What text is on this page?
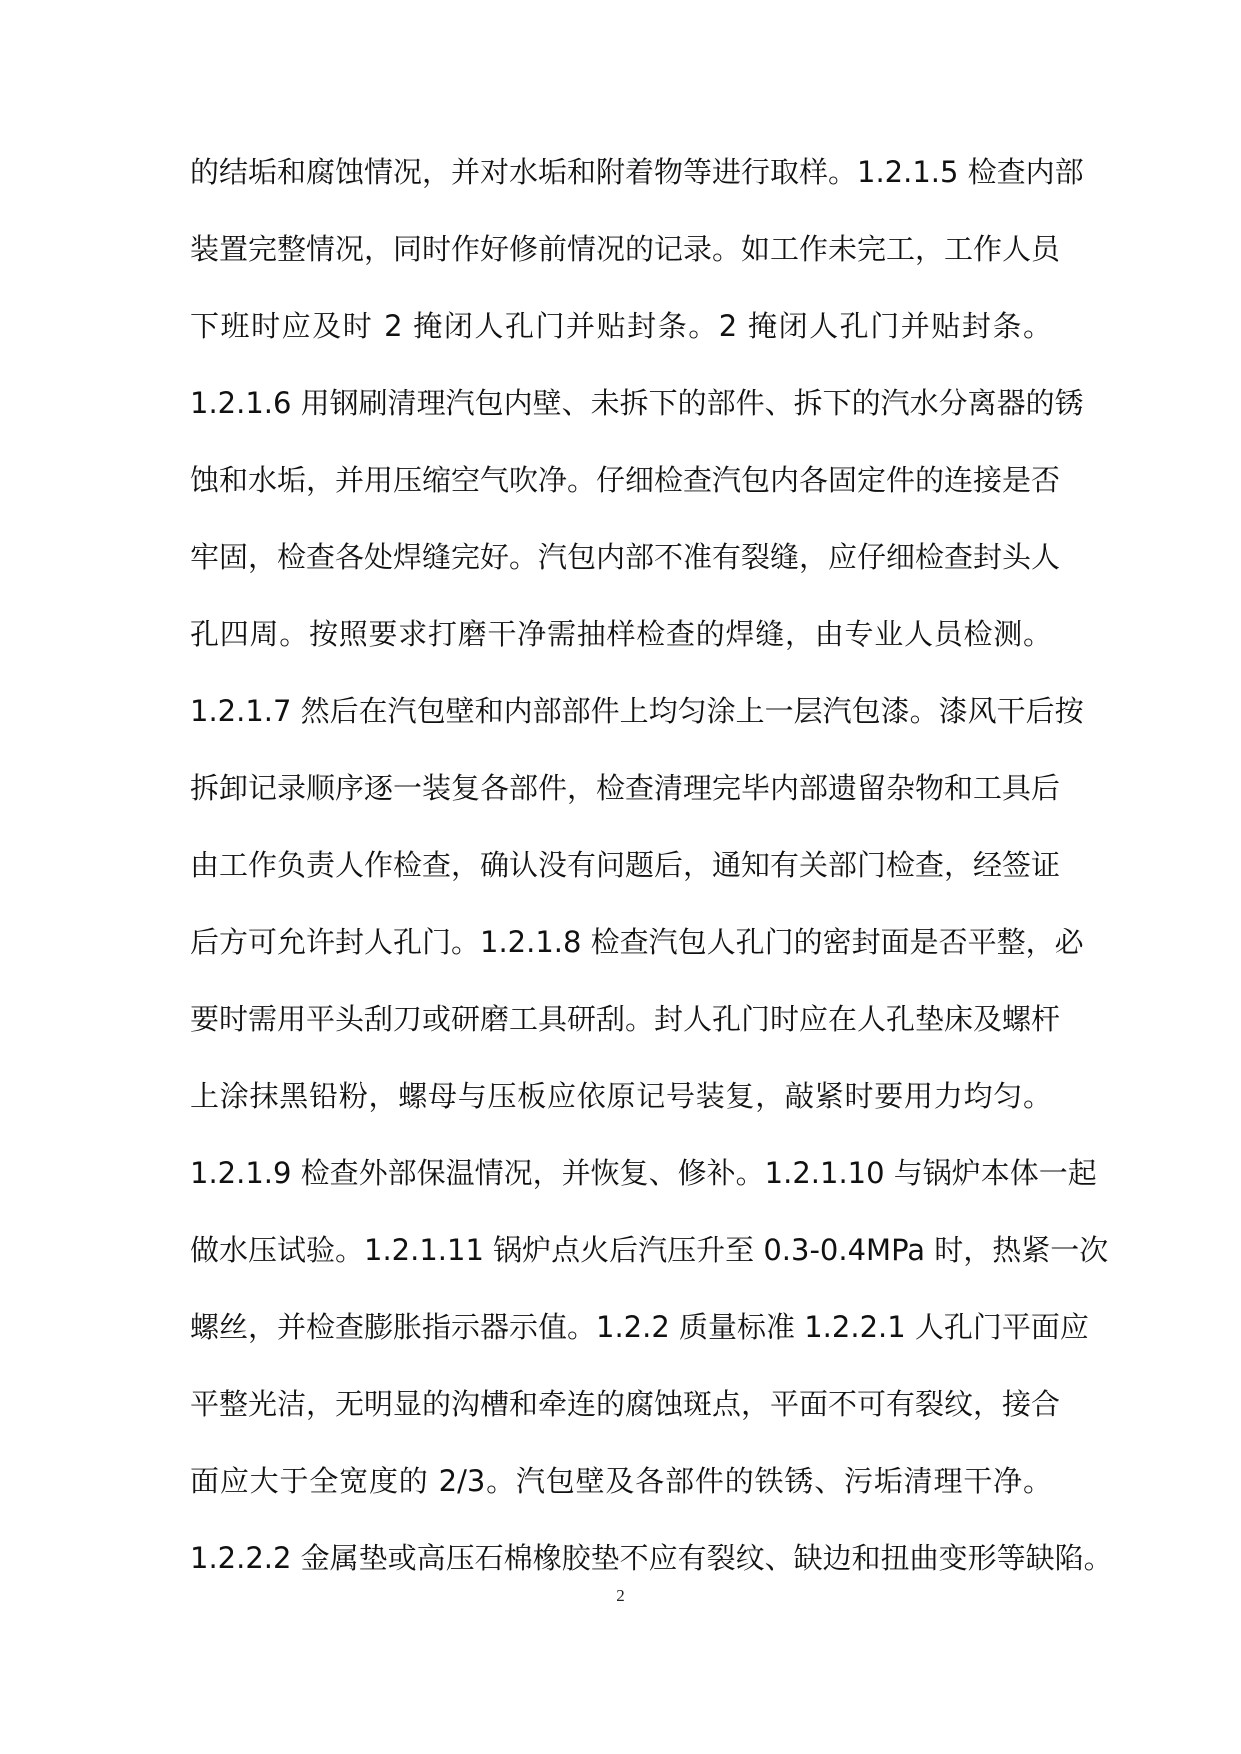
的结垢和腐蚀情况，并对水垢和附着物等进行取样。1.2.1.5 检查内部
装置完整情况，同时作好修前情况的记录。如工作未完工，工作人员
下班时应及时 2 掩闭人孔门并贴封条。2 掩闭人孔门并贴封条。
1.2.1.6 用钢刷清理汽包内壁、未拆下的部件、拆下的汽水分离器的锈
蚀和水垢，并用压缩空气吹净。仔细检查汽包内各固定件的连接是否
牢固，检查各处焊缝完好。汽包内部不准有裂缝，应仔细检查封头人
孔四周。按照要求打磨干净需抽样检查的焊缝，由专业人员检测。
1.2.1.7 然后在汽包壁和内部部件上均匀涂上一层汽包漆。漆风干后按
拆卸记录顺序逐一装复各部件，检查清理完毕内部遗留杂物和工具后
由工作负责人作检查，确认没有问题后，通知有关部门检查，经签证
后方可允许封人孔门。1.2.1.8 检查汽包人孔门的密封面是否平整，必
要时需用平头刮刀或研磨工具研刮。封人孔门时应在人孔垫床及螺杆
上涂抹黑铅粉，螺母与压板应依原记号装复，敲紧时要用力均匀。
1.2.1.9 检查外部保温情况，并恢复、修补。1.2.1.10 与锅炉本体一起
做水压试验。1.2.1.11 锅炉点火后汽压升至 0.3-0.4MPa 时，热紧一次
螺丝，并检查膨胀指示器示值。1.2.2 质量标准 1.2.2.1 人孔门平面应
平整光洁，无明显的沟槽和牵连的腐蚀斑点，平面不可有裂纹，接合
面应大于全宽度的 2/3。汽包壁及各部件的铁锈、污垢清理干净。
1.2.2.2 金属垫或高压石棉橡胶垫不应有裂纹、缺边和扭曲变形等缺陷。
2
